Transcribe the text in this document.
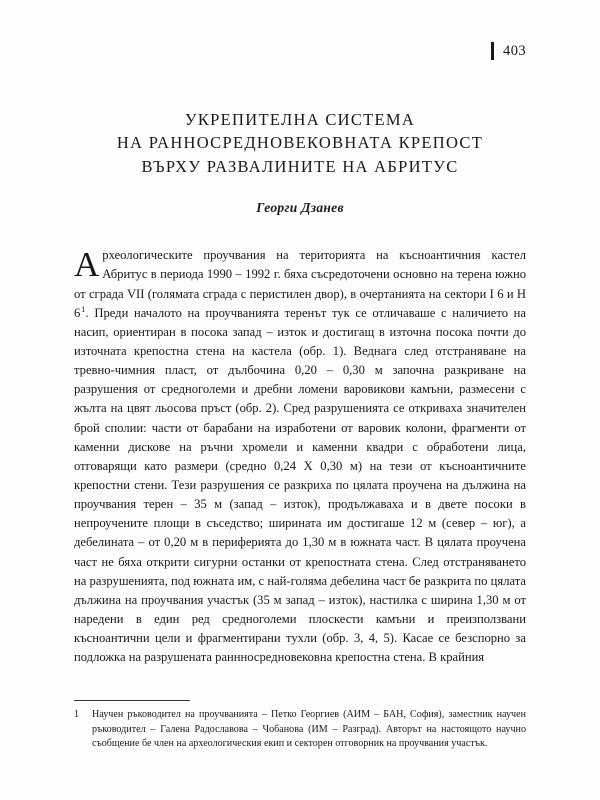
403
УКРЕПИТЕЛНА СИСТЕМА
НА РАННОСРЕДНОВЕКОВНАТА КРЕПОСТ
ВЪРХУ РАЗВАЛИНИТЕ НА АБРИТУС
Георги Дзанев

Археологическите проучвания на територията на късноантичния кастел Абритус в периода 1990 – 1992 г. бяха съсредоточени основно на терена южно от сграда VII (голямата сграда с перистилен двор), в очертанията на сектори I 6 и Н 6$^1$. Преди началото на проучванията теренът тук се отличаваше с наличието на насип, ориентиран в посока запад – изток и достигащ в източна посока почти до източната крепостна стена на кастела (обр. 1). Веднага след отстраняване на тревно-чимния пласт, от дълбочина 0,20 – 0,30 м започна разкриване на разрушения от средноголеми и дребни ломени варовикови камъни, размесени с жълта на цвят льосова пръст (обр. 2). Сред разрушенията се откриваха значителен брой сполии: части от барабани на изработени от варовик колони, фрагменти от каменни дискове на ръчни хромели и каменни квадри с обработени лица, отговарящи като размери (средно 0,24 X 0,30 м) на тези от късноантичните крепостни стени. Тези разрушения се разкриха по цялата проучена на дължина на проучвания терен – 35 м (запад – изток), продължаваха и в двете посоки в непроучените площи в съседство; ширината им достигаше 12 м (север – юг), а дебелината – от 0,20 м в периферията до 1,30 м в южната част. В цялата проучена част не бяха открити сигурни останки от крепостната стена. След отстраняването на разрушенията, под южната им, с най-голяма дебелина част бе разкрита по цялата дължина на проучвания участък (35 м запад – изток), настилка с ширина 1,30 м от наредени в един ред средноголеми плоскести камъни и преизползвани късноантични цели и фрагментирани тухли (обр. 3, 4, 5). Касае се безспорно за подложка на разрушената раннносредновековна крепостна стена. В крайния

1 Научен ръководител на проучванията – Петко Георгиев (АИМ – БАН, София), заместник научен ръководител – Галена Радославова – Чобанова (ИМ – Разград). Авторът на настоящото научно съобщение бе член на археологическия екип и секторен отговорник на проучвания участък.
